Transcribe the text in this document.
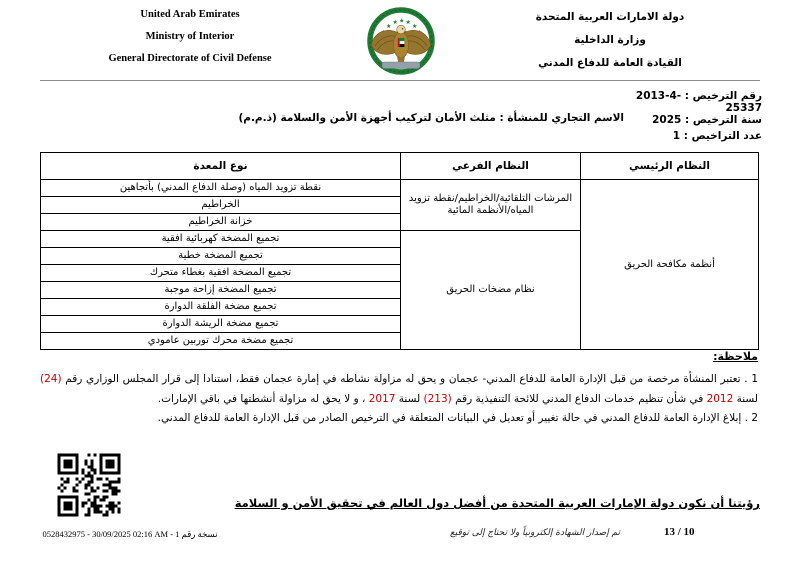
United Arab Emirates
Ministry of Interior
General Directorate of Civil Defense
★
★ ★ ★
★
دولة الامارات العربية المتحدة
وزارة الداخلية
القيادة العامة للدفاع المدني
رقم الترخيص : 2013-4-
25337
سنة الترخيص : 2025
عدد التراخيص : 1
الاسم التجاري للمنشأة : مثلث الأمان لتركيب أجهزة الأمن والسلامة (ذ.م.م)
النظام الرئيسي	النظام الفرعي	نوع المعدة
أنظمة مكافحة الحريق	المرشات التلقائية/الخراطيم/نقطة تزويد المياه/الأنظمة المائية	نقطة تزويد المياه (وصلة الدفاع المدني) بأتجاهين
		الخراطيم
		خزانة الخراطيم
	نظام مضخات الحريق	تجميع المضخة كهربائية افقية
		تجميع المضخة خطية
		تجميع المضخة افقية بغطاء متحرك
		تجميع المضخة إزاحة موجبة
		تجميع مضخة الفلقة الدوارة
		تجميع مضخة الريشة الدوارة
		تجميع مضخة محرك توربين عامودي
ملاحظة:
1 . تعتبر المنشأة مرخصة من قبل الإدارة العامة للدفاع المدني- عجمان و يحق له مزاولة نشاطه في إمارة عجمان فقط، استنادا إلى قرار المجلس الوزاري رقم (24) لسنة 2012 في شأن تنظيم خدمات الدفاع المدني للائحة التنفيذية رقم (213) لسنة 2017 ، و لا يحق له مزاولة أنشطتها في باقي الإمارات.
2 . إبلاغ الإدارة العامة للدفاع المدني في حالة تغيير أو تعديل في البيانات المتعلقة في الترخيص الصادر من قبل الإدارة العامة للدفاع المدني.
نسخة رقم 0528432975 - 30/09/2025 02:16 AM - 1
رؤيتنا أن نكون دولة الإمارات العربية المتحدة من أفضل دول العالم في تحقيق الأمن و السلامة
تم إصدار الشهادة إلكترونياً ولا تحتاج إلى توقيع	13 / 10
